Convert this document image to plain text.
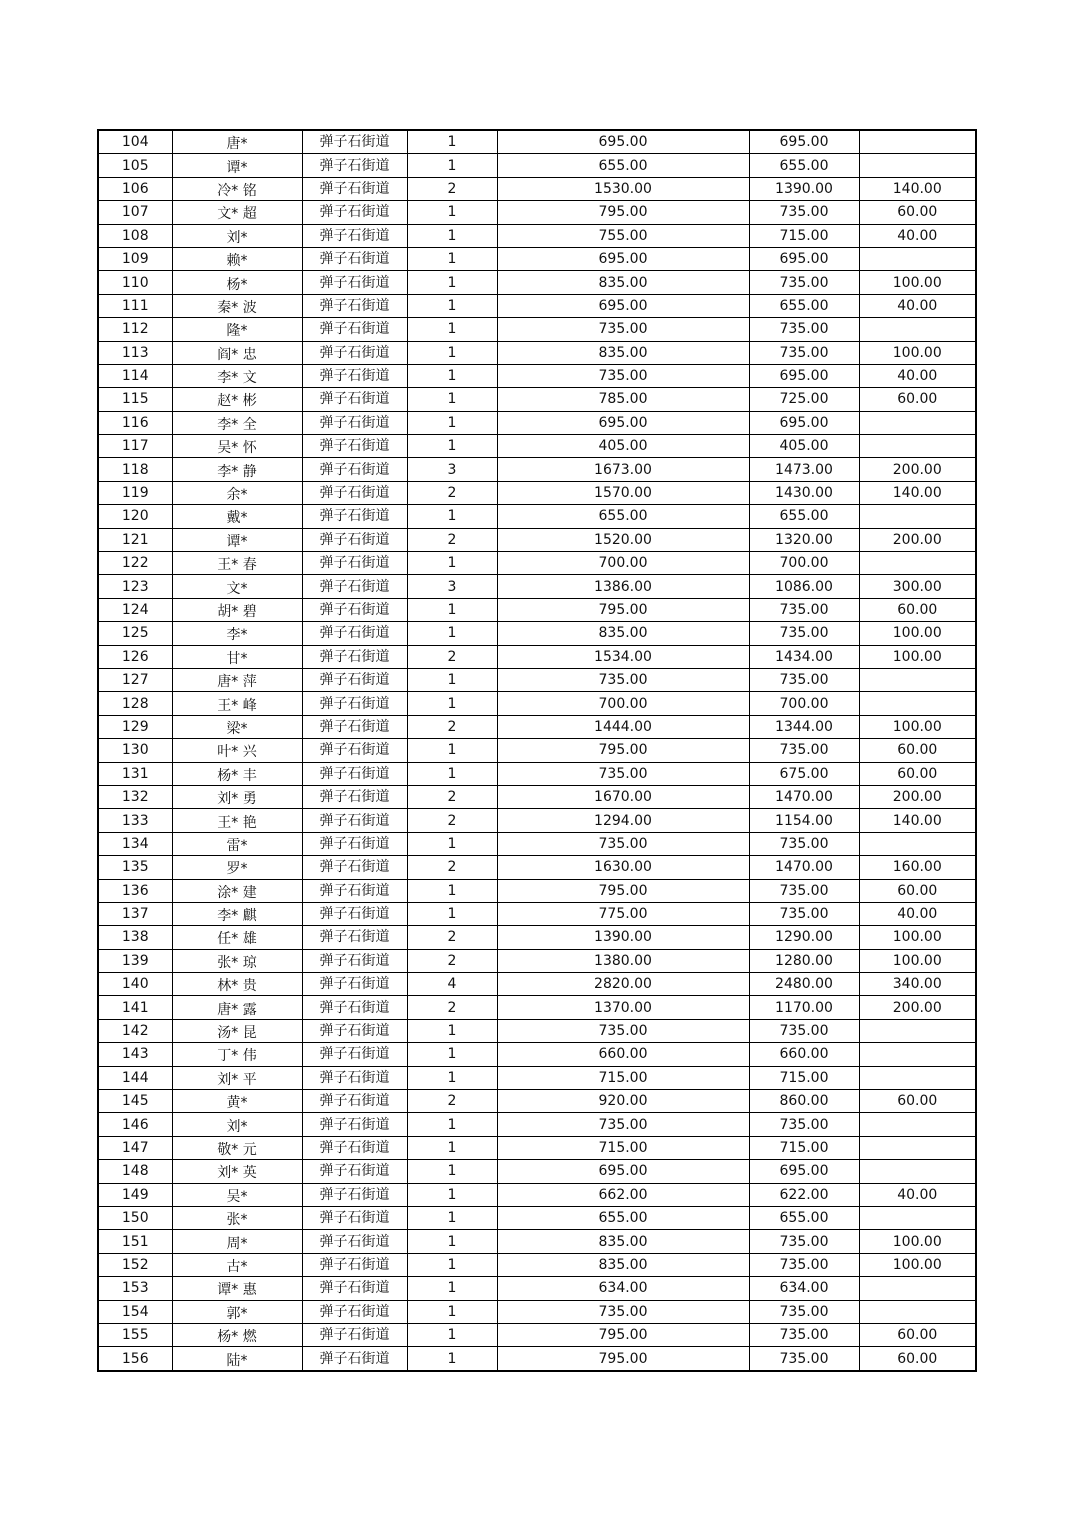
104	唐*	弹子石街道	1	695.00	695.00	
105	谭*	弹子石街道	1	655.00	655.00	
106	冷* 铭	弹子石街道	2	1530.00	1390.00	140.00
107	文* 超	弹子石街道	1	795.00	735.00	60.00
108	刘*	弹子石街道	1	755.00	715.00	40.00
109	赖*	弹子石街道	1	695.00	695.00	
110	杨*	弹子石街道	1	835.00	735.00	100.00
111	秦* 波	弹子石街道	1	695.00	655.00	40.00
112	隆*	弹子石街道	1	735.00	735.00	
113	阎* 忠	弹子石街道	1	835.00	735.00	100.00
114	李* 文	弹子石街道	1	735.00	695.00	40.00
115	赵* 彬	弹子石街道	1	785.00	725.00	60.00
116	李* 全	弹子石街道	1	695.00	695.00	
117	吴* 怀	弹子石街道	1	405.00	405.00	
118	李* 静	弹子石街道	3	1673.00	1473.00	200.00
119	余*	弹子石街道	2	1570.00	1430.00	140.00
120	戴*	弹子石街道	1	655.00	655.00	
121	谭*	弹子石街道	2	1520.00	1320.00	200.00
122	王* 春	弹子石街道	1	700.00	700.00	
123	文*	弹子石街道	3	1386.00	1086.00	300.00
124	胡* 碧	弹子石街道	1	795.00	735.00	60.00
125	李*	弹子石街道	1	835.00	735.00	100.00
126	甘*	弹子石街道	2	1534.00	1434.00	100.00
127	唐* 萍	弹子石街道	1	735.00	735.00	
128	王* 峰	弹子石街道	1	700.00	700.00	
129	梁*	弹子石街道	2	1444.00	1344.00	100.00
130	叶* 兴	弹子石街道	1	795.00	735.00	60.00
131	杨* 丰	弹子石街道	1	735.00	675.00	60.00
132	刘* 勇	弹子石街道	2	1670.00	1470.00	200.00
133	王* 艳	弹子石街道	2	1294.00	1154.00	140.00
134	雷*	弹子石街道	1	735.00	735.00	
135	罗*	弹子石街道	2	1630.00	1470.00	160.00
136	涂* 建	弹子石街道	1	795.00	735.00	60.00
137	李* 麒	弹子石街道	1	775.00	735.00	40.00
138	任* 雄	弹子石街道	2	1390.00	1290.00	100.00
139	张* 琼	弹子石街道	2	1380.00	1280.00	100.00
140	林* 贵	弹子石街道	4	2820.00	2480.00	340.00
141	唐* 露	弹子石街道	2	1370.00	1170.00	200.00
142	汤* 昆	弹子石街道	1	735.00	735.00	
143	丁* 伟	弹子石街道	1	660.00	660.00	
144	刘* 平	弹子石街道	1	715.00	715.00	
145	黄*	弹子石街道	2	920.00	860.00	60.00
146	刘*	弹子石街道	1	735.00	735.00	
147	敬* 元	弹子石街道	1	715.00	715.00	
148	刘* 英	弹子石街道	1	695.00	695.00	
149	吴*	弹子石街道	1	662.00	622.00	40.00
150	张*	弹子石街道	1	655.00	655.00	
151	周*	弹子石街道	1	835.00	735.00	100.00
152	古*	弹子石街道	1	835.00	735.00	100.00
153	谭* 惠	弹子石街道	1	634.00	634.00	
154	郭*	弹子石街道	1	735.00	735.00	
155	杨* 燃	弹子石街道	1	795.00	735.00	60.00
156	陆*	弹子石街道	1	795.00	735.00	60.00
